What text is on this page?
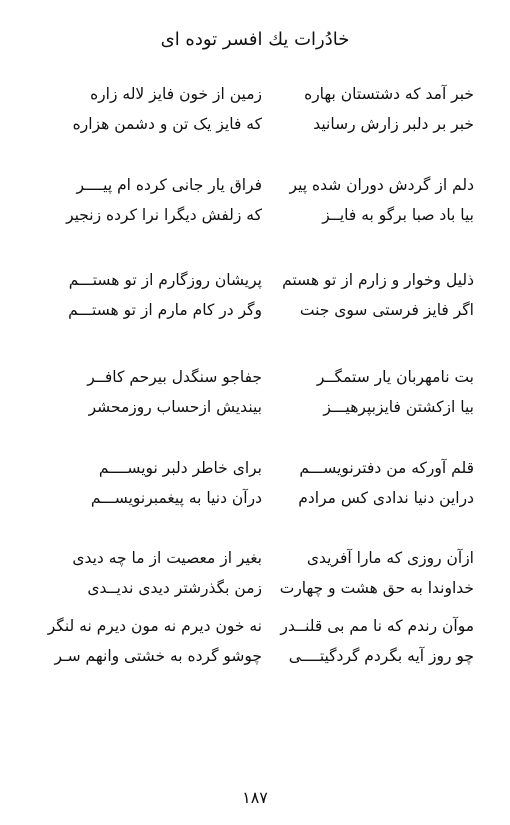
خادُرات یك افسر توده ای
خبر آمد که دشتستان بهاره
زمین از خون فایز لاله زاره
خبر بر دلبر زارش رسانید
که فایز یک تن و دشمن هزاره
دلم از گردش دوران شده پیر
فراق یار جانی کرده ام پیــــر
بیا باد صبا برگو به فایــز
که زلفش دیگرا نرا کرده زنجیر
ذلیل وخوار و زارم از تو هستم
پریشان روزگارم از تو هستـــم
اگر فایز فرستی سوی جنت
وگر در کام مارم از تو هستـــم
بت نامهربان یار ستمگــر
جفاجو سنگدل بیرحم کافــر
بیا ازکشتن فایزبپرهیـــز
بیندیش ازحساب روزمحشر
قلم آورکه من دفترنویســـم
برای خاطر دلبر نویســــم
دراین دنیا ندادی کس مرادم
درآن دنیا به پیغمبرنویســـم
ازآن روزی که مارا آفریدی
بغیر از معصیت از ما چه دیدی
خداوندا به حق هشت و چهارت
زمن بگذرشتر دیدی ندیــدی
موآن رندم که نا مم بی قلنــدر
نه خون دیرم نه مون دیرم نه لنگر
چو روز آیه بگردم گردگیتــــی
چوشو گرده به خشتی وانهم سـر
۱۸۷
